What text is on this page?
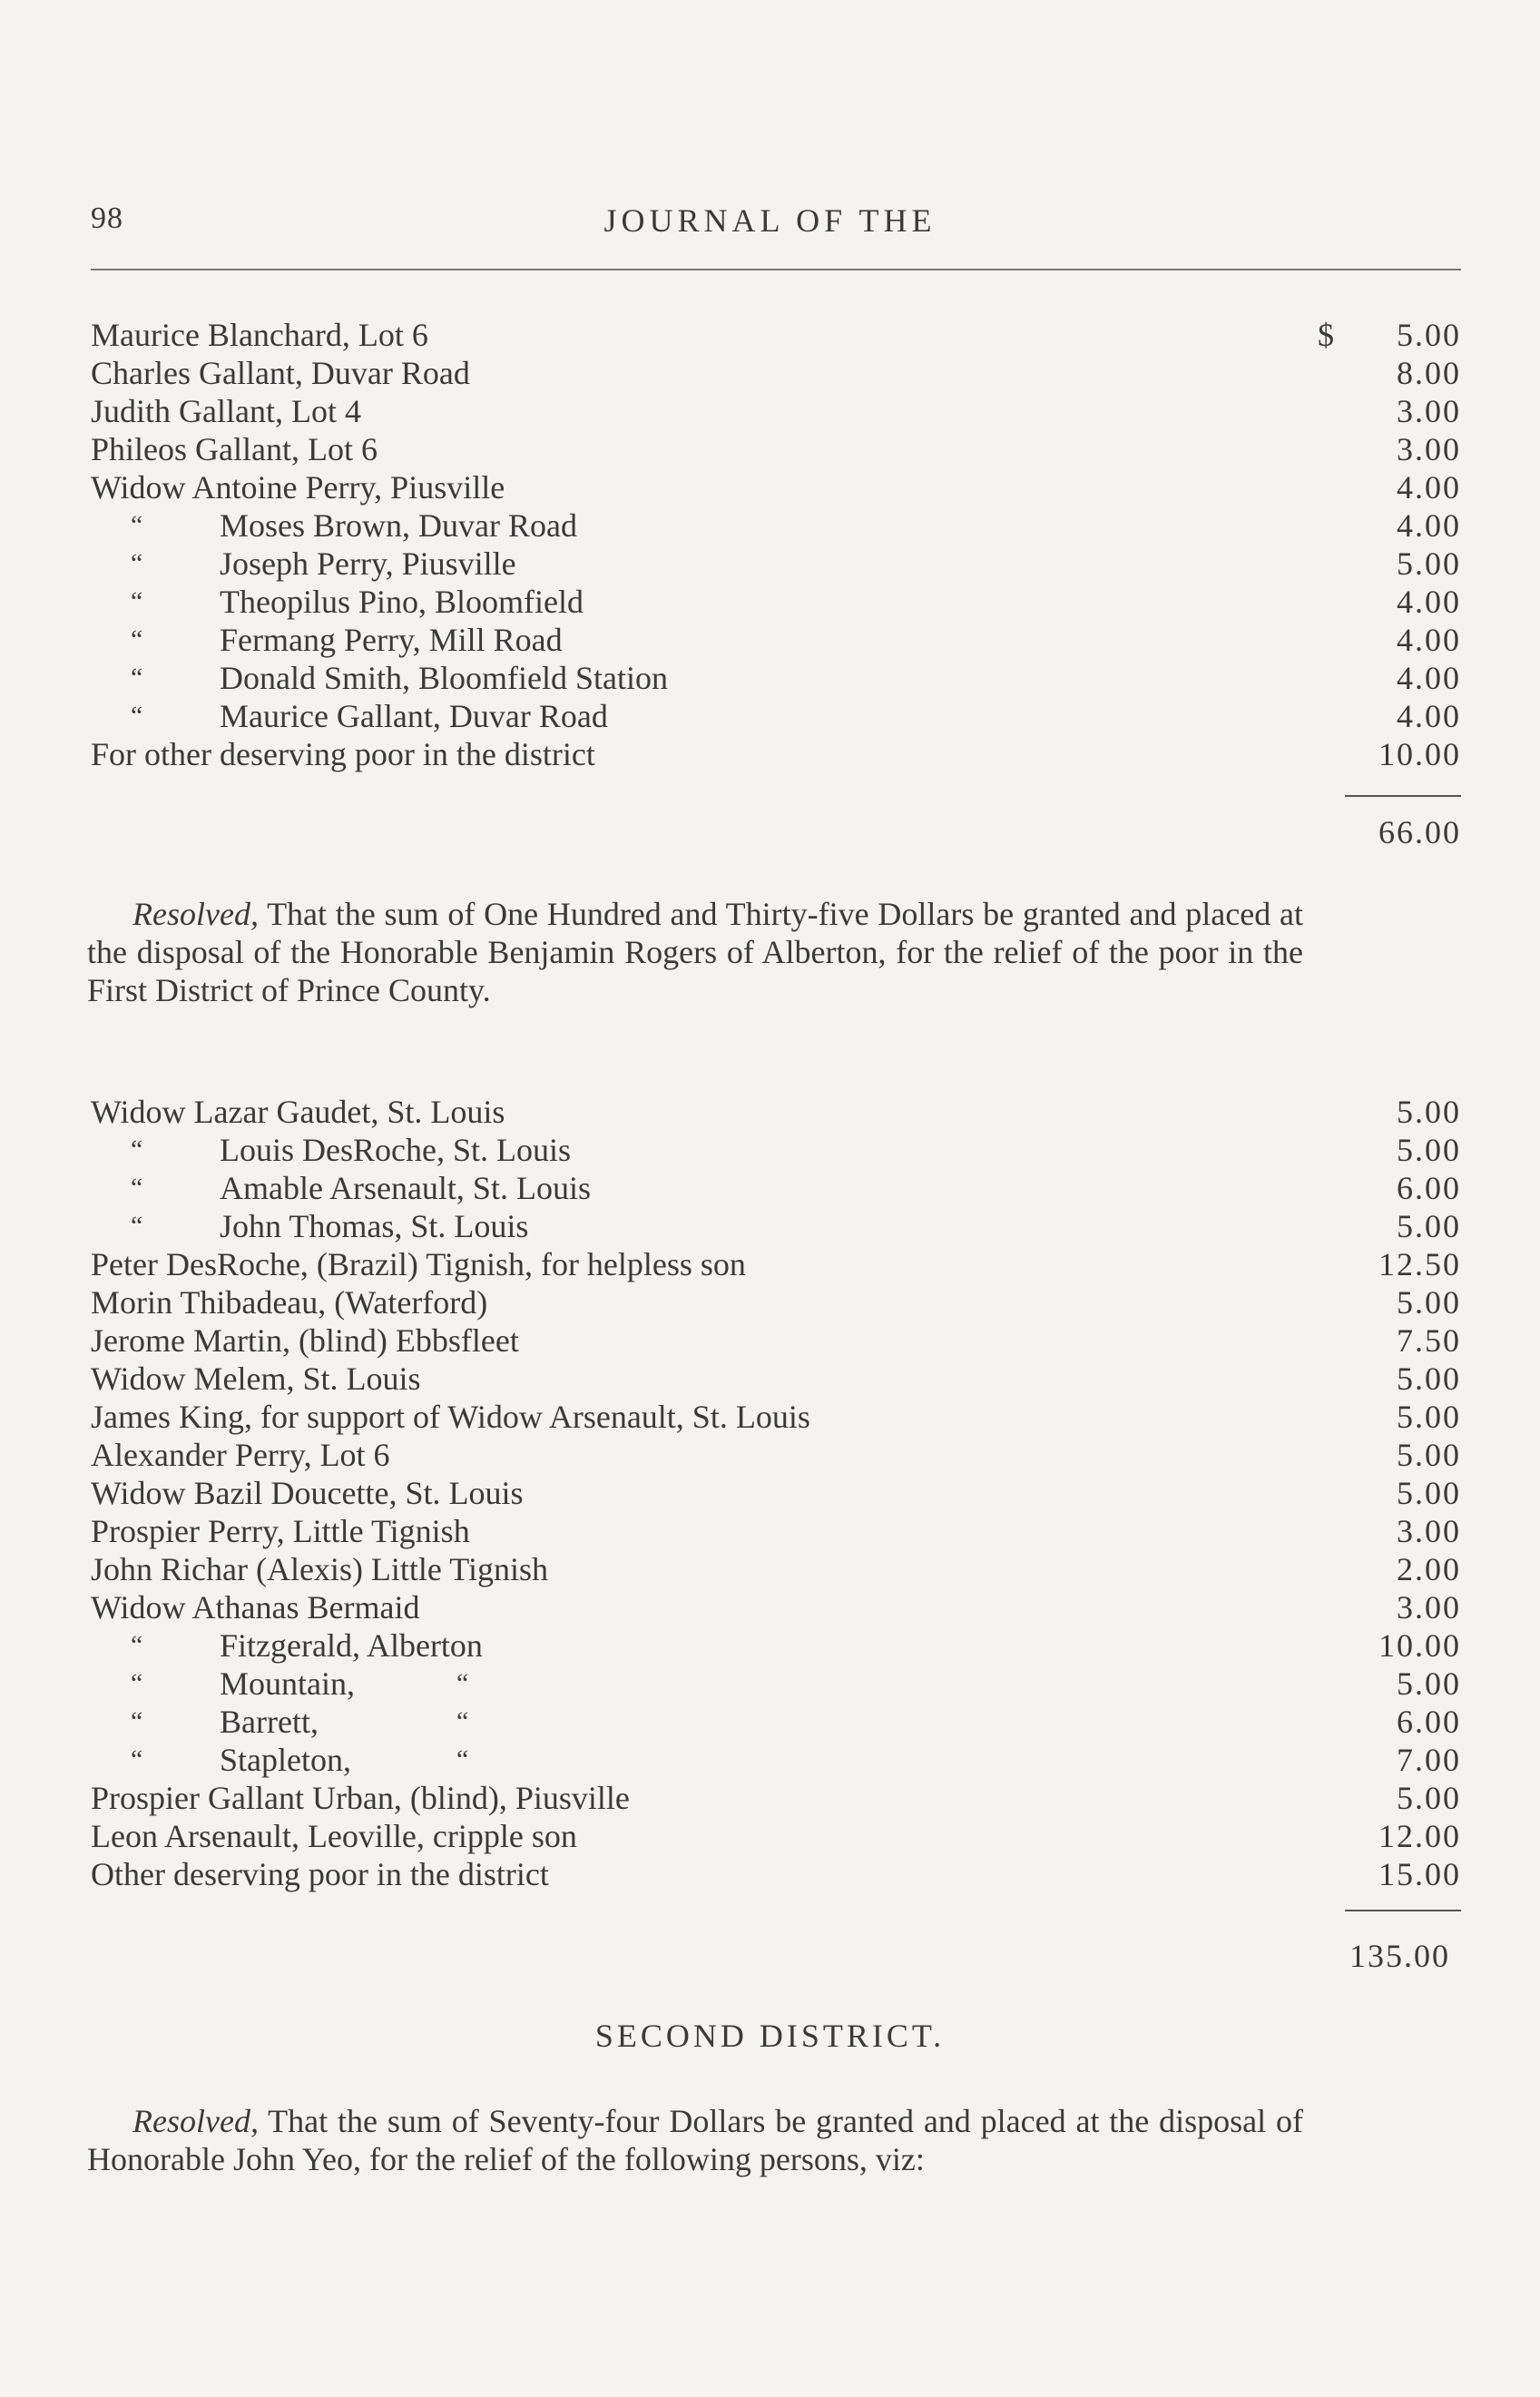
98	JOURNAL OF THE
Maurice Blanchard, Lot 6	$	5.00
Charles Gallant, Duvar Road	8.00
Judith Gallant, Lot 4	3.00
Phileos Gallant, Lot 6	3.00
Widow Antoine Perry, Piusville	4.00
“ Moses Brown, Duvar Road	4.00
“ Joseph Perry, Piusville	5.00
“ Theopilus Pino, Bloomfield	4.00
“ Fermang Perry, Mill Road	4.00
“ Donald Smith, Bloomfield Station	4.00
“ Maurice Gallant, Duvar Road	4.00
For other deserving poor in the district	10.00
66.00
Resolved, That the sum of One Hundred and Thirty-five Dollars be granted and placed at the disposal of the Honorable Benjamin Rogers of Alberton, for the relief of the poor in the First District of Prince County.
Widow Lazar Gaudet, St. Louis	5.00
“ Louis DesRoche, St. Louis	5.00
“ Amable Arsenault, St. Louis	6.00
“ John Thomas, St. Louis	5.00
Peter DesRoche, (Brazil) Tignish, for helpless son	12.50
Morin Thibadeau, (Waterford)	5.00
Jerome Martin, (blind) Ebbsfleet	7.50
Widow Melem, St. Louis	5.00
James King, for support of Widow Arsenault, St. Louis	5.00
Alexander Perry, Lot 6	5.00
Widow Bazil Doucette, St. Louis	5.00
Prospier Perry, Little Tignish	3.00
John Richar (Alexis) Little Tignish	2.00
Widow Athanas Bermaid	3.00
“ Fitzgerald, Alberton	10.00
“ Mountain,	“	5.00
“ Barrett,	“	6.00
“ Stapleton,	“	7.00
Prospier Gallant Urban, (blind), Piusville	5.00
Leon Arsenault, Leoville, cripple son	12.00
Other deserving poor in the district	15.00
135.00
SECOND DISTRICT.
Resolved, That the sum of Seventy-four Dollars be granted and placed at the disposal of Honorable John Yeo, for the relief of the following persons, viz:
